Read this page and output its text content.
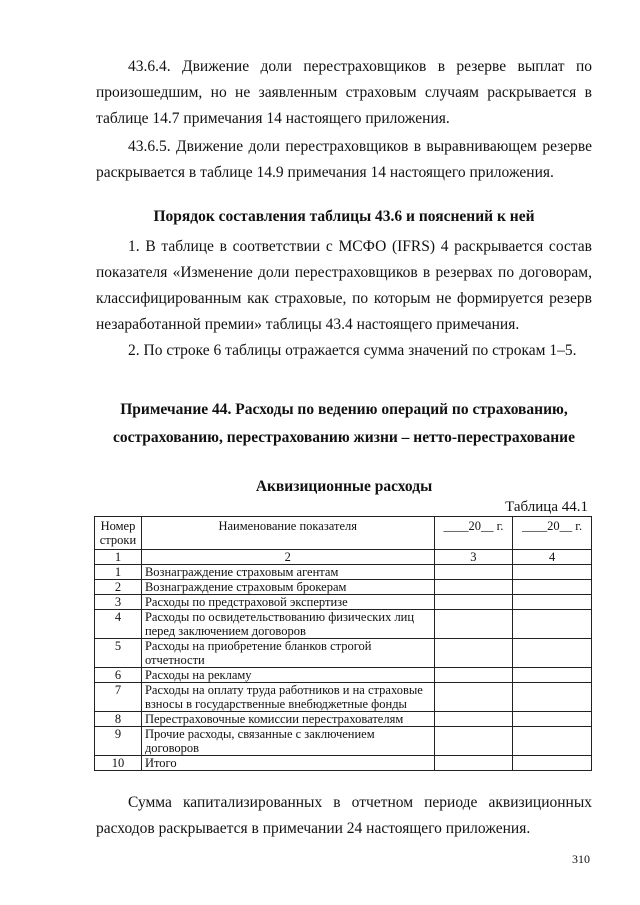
43.6.4. Движение доли перестраховщиков в резерве выплат по произошедшим, но не заявленным страховым случаям раскрывается в таблице 14.7 примечания 14 настоящего приложения.

43.6.5. Движение доли перестраховщиков в выравнивающем резерве раскрывается в таблице 14.9 примечания 14 настоящего приложения.

Порядок составления таблицы 43.6 и пояснений к ней

1. В таблице в соответствии с МСФО (IFRS) 4 раскрывается состав показателя «Изменение доли перестраховщиков в резервах по договорам, классифицированным как страховые, по которым не формируется резерв незаработанной премии» таблицы 43.4 настоящего примечания.

2. По строке 6 таблицы отражается сумма значений по строкам 1–5.

Примечание 44. Расходы по ведению операций по страхованию, сострахованию, перестрахованию жизни – нетто-перестрахование

Аквизиционные расходы

Таблица 44.1
Номер строки	Наименование показателя	____20__ г.	____20__ г.
1	2	3	4
1	Вознаграждение страховым агентам		
2	Вознаграждение страховым брокерам		
3	Расходы по предстраховой экспертизе		
4	Расходы по освидетельствованию физических лиц перед заключением договоров		
5	Расходы на приобретение бланков строгой отчетности		
6	Расходы на рекламу		
7	Расходы на оплату труда работников и на страховые взносы в государственные внебюджетные фонды		
8	Перестраховочные комиссии перестрахователям		
9	Прочие расходы, связанные с заключением договоров		
10	Итого		

Сумма капитализированных в отчетном периоде аквизиционных расходов раскрывается в примечании 24 настоящего приложения.

310
